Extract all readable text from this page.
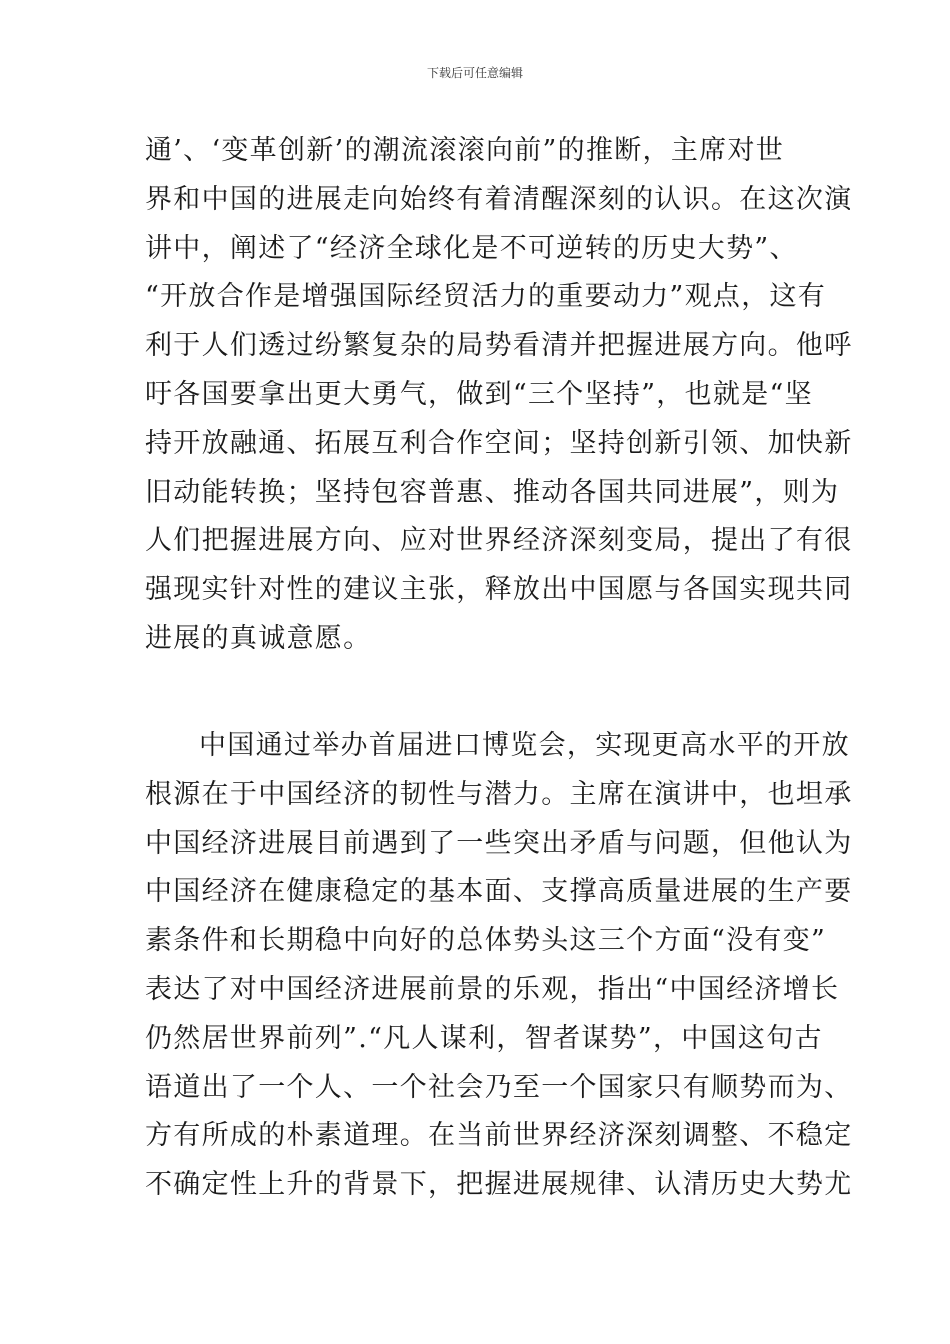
下载后可任意编辑
通’、‘变革创新’的潮流滚滚向前”的推断，主席对世
界和中国的进展走向始终有着清醒深刻的认识。在这次演
讲中，阐述了“经济全球化是不可逆转的历史大势”、
“开放合作是增强国际经贸活力的重要动力”观点，这有
利于人们透过纷繁复杂的局势看清并把握进展方向。他呼
吁各国要拿出更大勇气，做到“三个坚持”，也就是“坚
持开放融通、拓展互利合作空间；坚持创新引领、加快新
旧动能转换；坚持包容普惠、推动各国共同进展”，则为
人们把握进展方向、应对世界经济深刻变局，提出了有很
强现实针对性的建议主张，释放出中国愿与各国实现共同
进展的真诚意愿。
中国通过举办首届进口博览会，实现更高水平的开放
根源在于中国经济的韧性与潜力。主席在演讲中，也坦承
中国经济进展目前遇到了一些突出矛盾与问题，但他认为
中国经济在健康稳定的基本面、支撑高质量进展的生产要
素条件和长期稳中向好的总体势头这三个方面“没有变”
表达了对中国经济进展前景的乐观，指出“中国经济增长
仍然居世界前列”.“凡人谋利，智者谋势”，中国这句古
语道出了一个人、一个社会乃至一个国家只有顺势而为、
方有所成的朴素道理。在当前世界经济深刻调整、不稳定
不确定性上升的背景下，把握进展规律、认清历史大势尤
